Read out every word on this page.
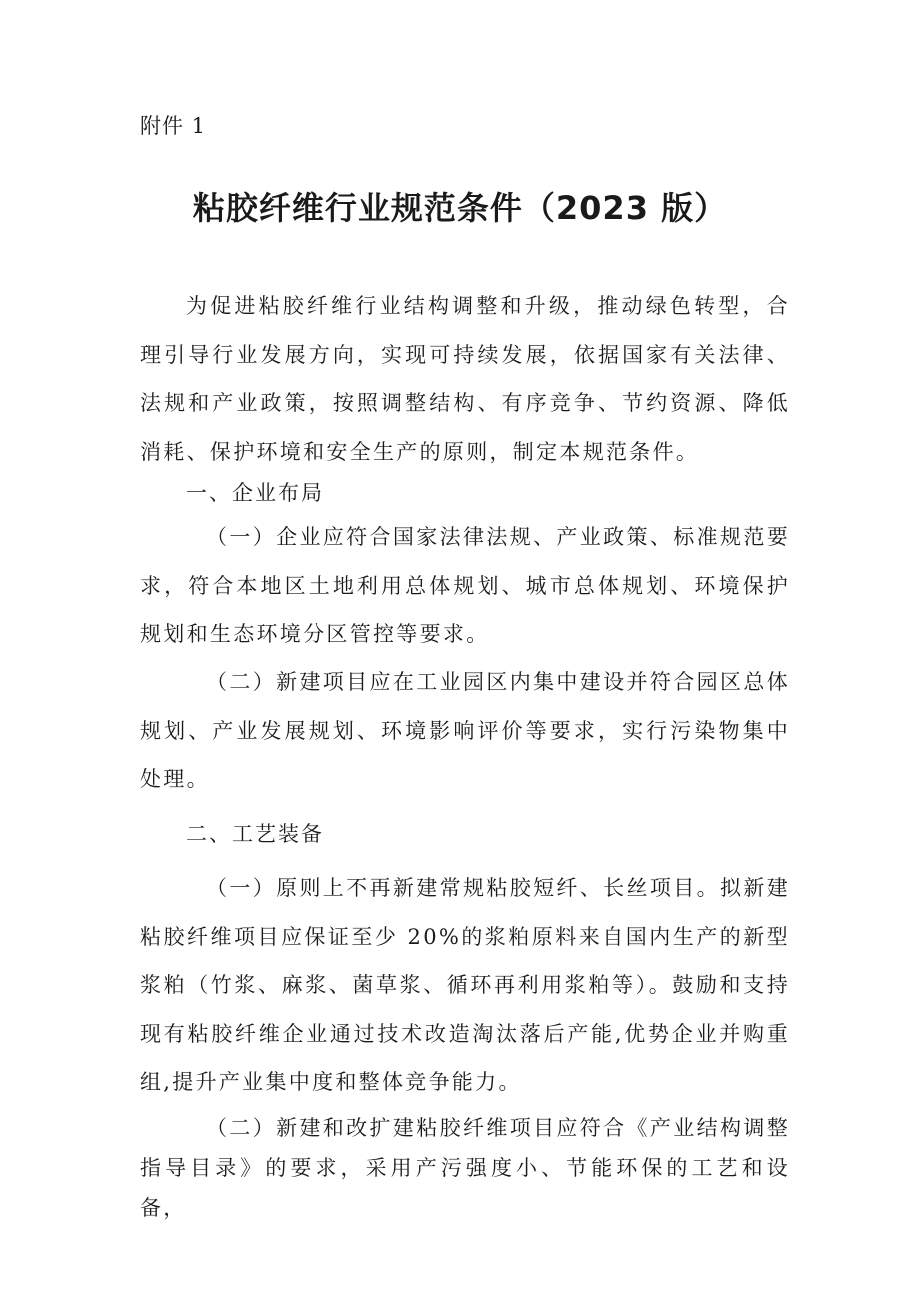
附件 1
粘胶纤维行业规范条件（2023 版）

为促进粘胶纤维行业结构调整和升级，推动绿色转型，合理引导行业发展方向，实现可持续发展，依据国家有关法律、法规和产业政策，按照调整结构、有序竞争、节约资源、降低消耗、保护环境和安全生产的原则，制定本规范条件。

一、企业布局

（一）企业应符合国家法律法规、产业政策、标准规范要求，符合本地区土地利用总体规划、城市总体规划、环境保护规划和生态环境分区管控等要求。

（二）新建项目应在工业园区内集中建设并符合园区总体规划、产业发展规划、环境影响评价等要求，实行污染物集中处理。

二、工艺装备

（一）原则上不再新建常规粘胶短纤、长丝项目。拟新建粘胶纤维项目应保证至少 20%的浆粕原料来自国内生产的新型浆粕（竹浆、麻浆、菌草浆、循环再利用浆粕等）。鼓励和支持现有粘胶纤维企业通过技术改造淘汰落后产能,优势企业并购重组,提升产业集中度和整体竞争能力。

（二）新建和改扩建粘胶纤维项目应符合《产业结构调整指导目录》的要求，采用产污强度小、节能环保的工艺和设备，
